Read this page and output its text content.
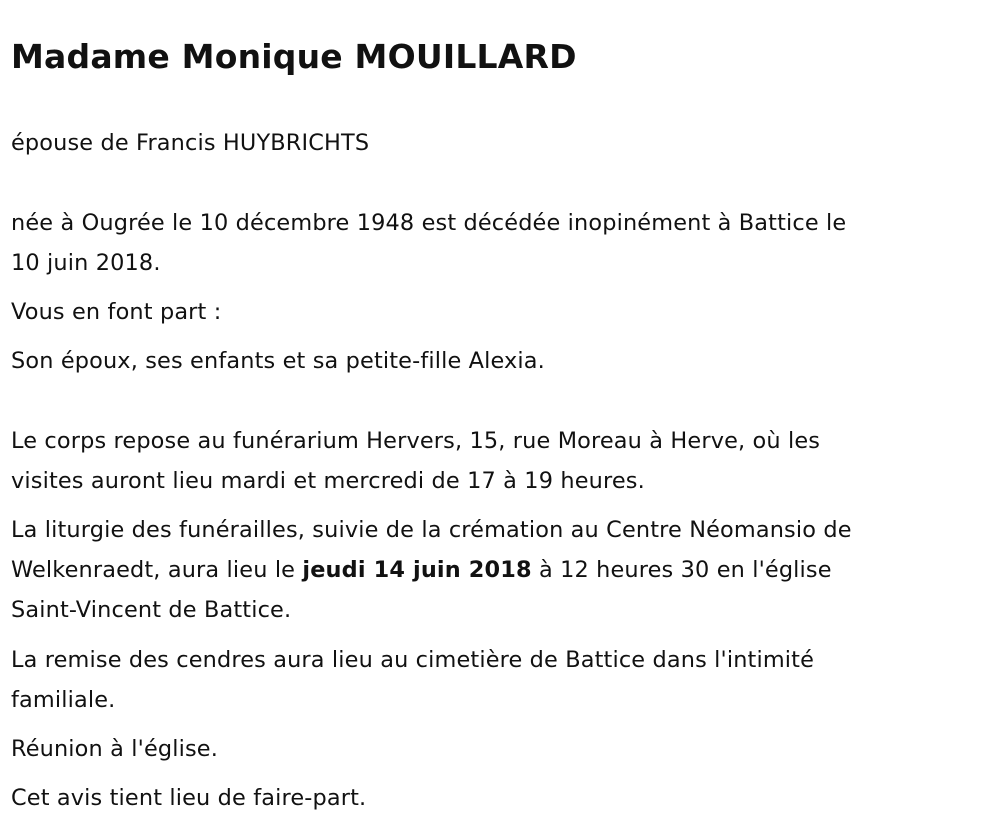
Madame Monique MOUILLARD

épouse de Francis HUYBRICHTS

née à Ougrée le 10 décembre 1948 est décédée inopinément à Battice le

10 juin 2018.

Vous en font part :

Son époux, ses enfants et sa petite-fille Alexia.

Le corps repose au funérarium Hervers, 15, rue Moreau à Herve, où les

visites auront lieu mardi et mercredi de 17 à 19 heures.

La liturgie des funérailles, suivie de la crémation au Centre Néomansio de

Welkenraedt, aura lieu le jeudi 14 juin 2018 à 12 heures 30 en l'église

Saint-Vincent de Battice.

La remise des cendres aura lieu au cimetière de Battice dans l'intimité

familiale.

Réunion à l'église.

Cet avis tient lieu de faire-part.
